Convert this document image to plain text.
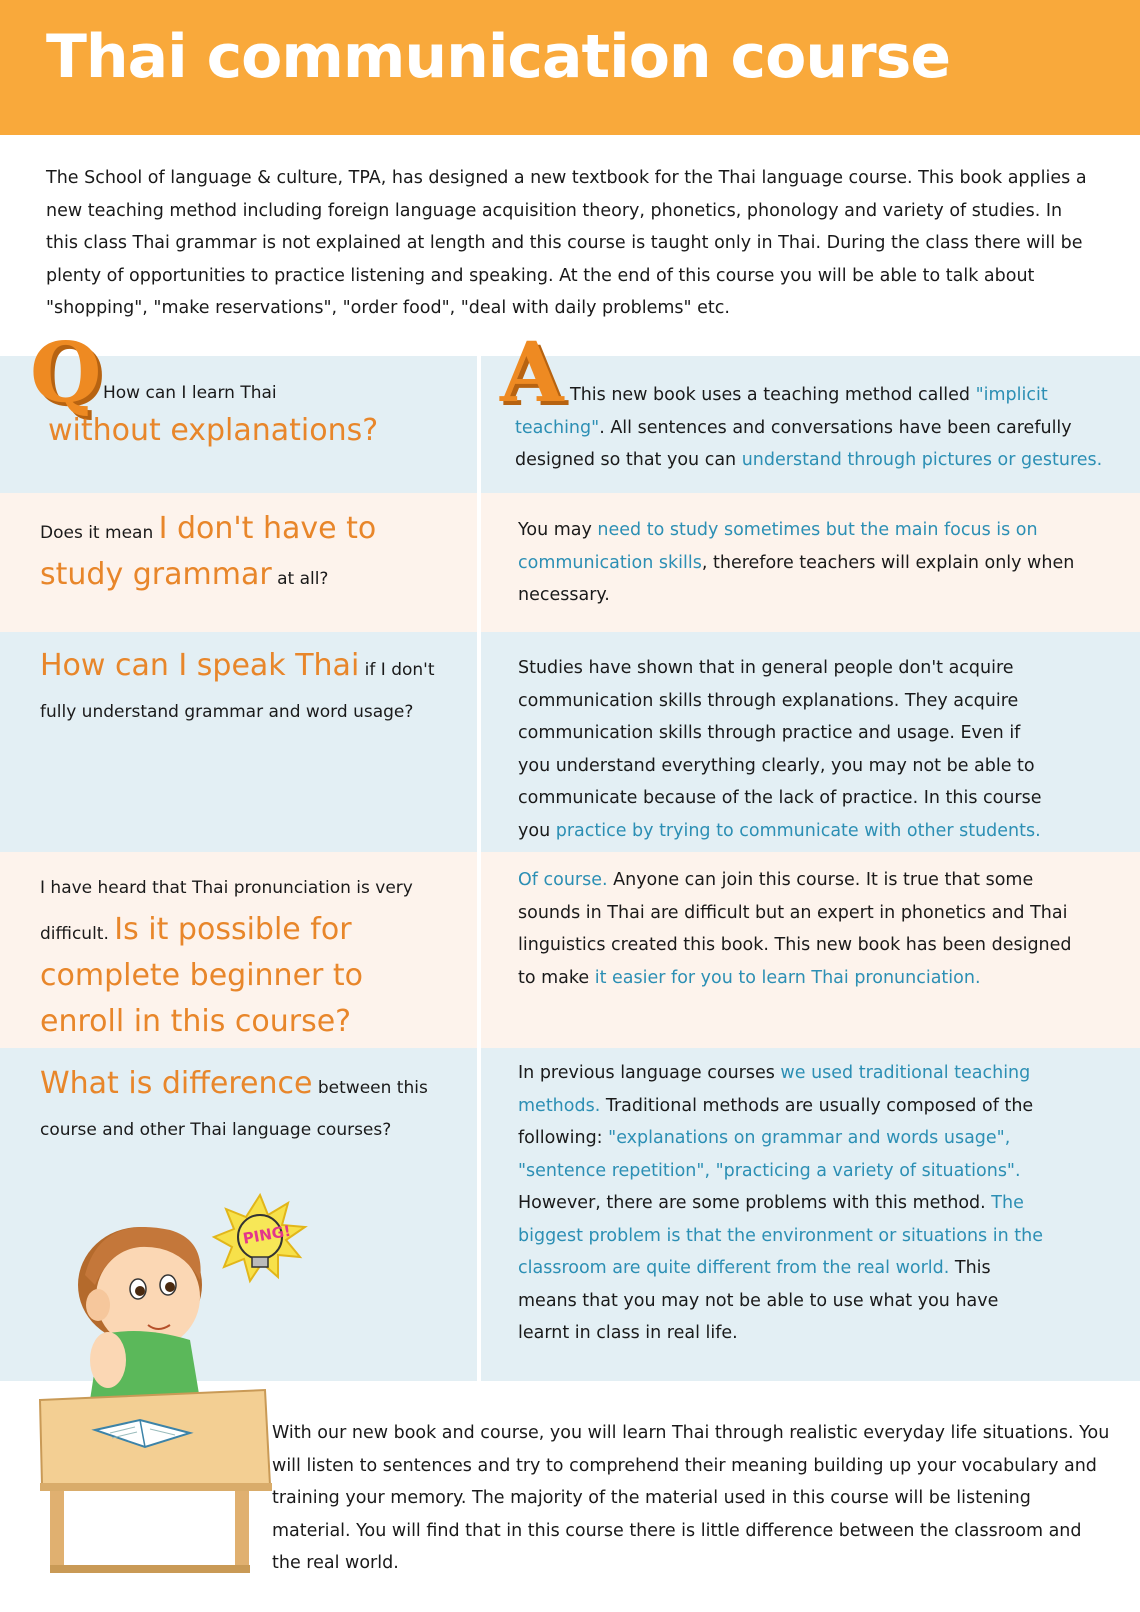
Thai communication course
The School of language & culture, TPA, has designed a new textbook for the Thai language course. This book applies a new teaching method including foreign language acquisition theory, phonetics, phonology and variety of studies. In this class Thai grammar is not explained at length and this course is taught only in Thai. During the class there will be plenty of opportunities to practice listening and speaking. At the end of this course you will be able to talk about "shopping", "make reservations", "order food", "deal with daily problems" etc.
Q	A
How can I learn Thai
without explanations?
This new book uses a teaching method called "implicit teaching". All sentences and conversations have been carefully designed so that you can understand through pictures or gestures.
Does it mean I don't have to study grammar at all?
You may need to study sometimes but the main focus is on communication skills, therefore teachers will explain only when necessary.
How can I speak Thai if I don't fully understand grammar and word usage?
Studies have shown that in general people don't acquire communication skills through explanations. They acquire communication skills through practice and usage. Even if you understand everything clearly, you may not be able to communicate because of the lack of practice. In this course you practice by trying to communicate with other students.
I have heard that Thai pronunciation is very difficult. Is it possible for complete beginner to enroll in this course?
Of course. Anyone can join this course. It is true that some sounds in Thai are difficult but an expert in phonetics and Thai linguistics created this book. This new book has been designed to make it easier for you to learn Thai pronunciation.
What is difference between this course and other Thai language courses?
In previous language courses we used traditional teaching methods. Traditional methods are usually composed of the following: "explanations on grammar and words usage", "sentence repetition", "practicing a variety of situations". However, there are some problems with this method. The biggest problem is that the environment or situations in the classroom are quite different from the real world. This means that you may not be able to use what you have learnt in class in real life.
PING!
With our new book and course, you will learn Thai through realistic everyday life situations. You will listen to sentences and try to comprehend their meaning building up your vocabulary and training your memory. The majority of the material used in this course will be listening material. You will find that in this course there is little difference between the classroom and the real world.
